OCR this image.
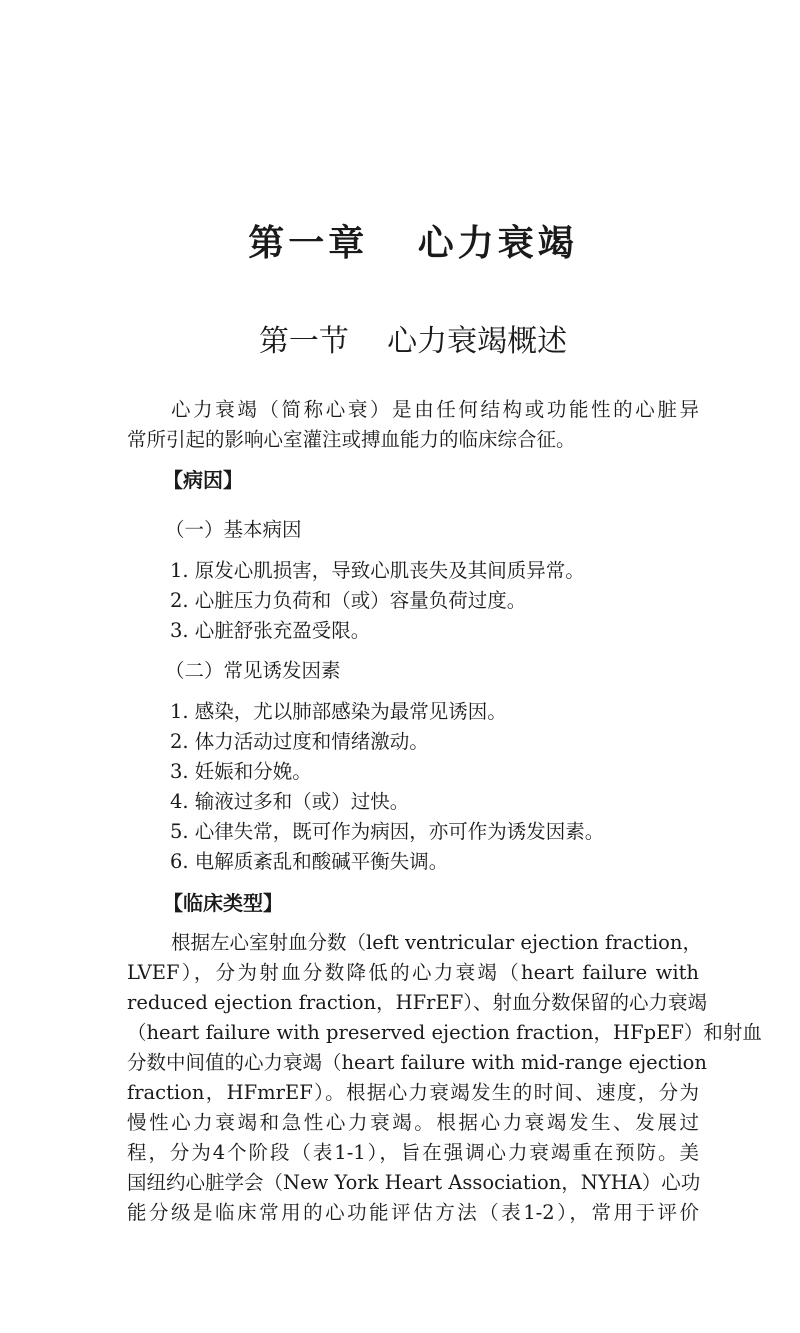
第一章   心力衰竭
第一节    心力衰竭概述
心力衰竭（简称心衰）是由任何结构或功能性的心脏异
常所引起的影响心室灌注或搏血能力的临床综合征。
【病因】
（一）基本病因
1. 原发心肌损害，导致心肌丧失及其间质异常。
2. 心脏压力负荷和（或）容量负荷过度。
3. 心脏舒张充盈受限。
（二）常见诱发因素
1. 感染，尤以肺部感染为最常见诱因。
2. 体力活动过度和情绪激动。
3. 妊娠和分娩。
4. 输液过多和（或）过快。
5. 心律失常，既可作为病因，亦可作为诱发因素。
6. 电解质紊乱和酸碱平衡失调。
【临床类型】
根据左心室射血分数（left ventricular ejection fraction，
LVEF），分为射血分数降低的心力衰竭（heart failure with
reduced ejection fraction，HFrEF）、射血分数保留的心力衰竭
（heart failure with preserved ejection fraction，HFpEF）和射血
分数中间值的心力衰竭（heart failure with mid-range ejection
fraction，HFmrEF）。根据心力衰竭发生的时间、速度，分为
慢性心力衰竭和急性心力衰竭。根据心力衰竭发生、发展过
程，分为4个阶段（表1-1），旨在强调心力衰竭重在预防。美
国纽约心脏学会（New York Heart Association，NYHA）心功
能分级是临床常用的心功能评估方法（表1-2），常用于评价
